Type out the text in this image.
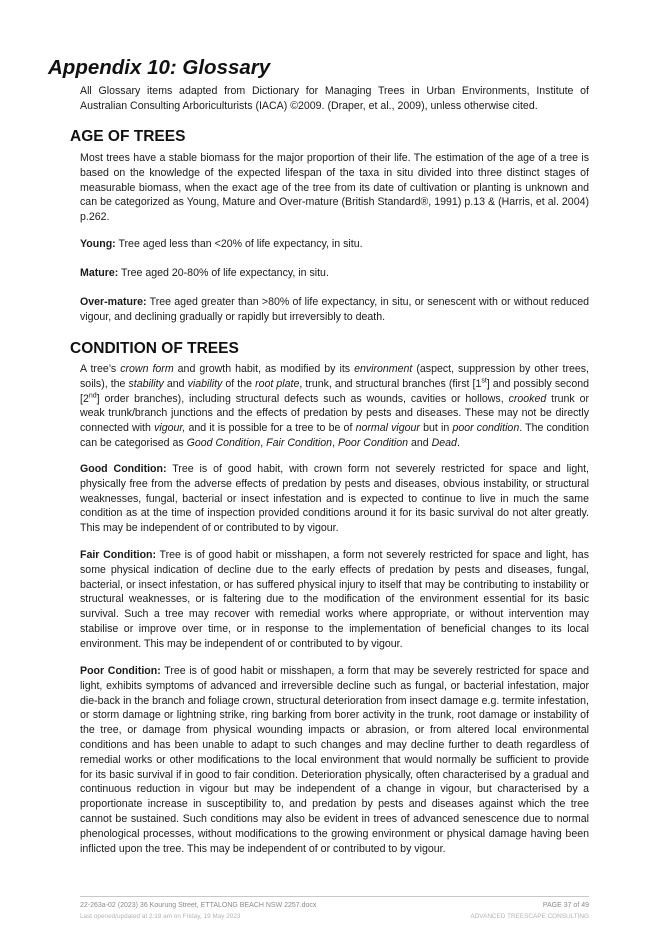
Appendix 10: Glossary

All Glossary items adapted from Dictionary for Managing Trees in Urban Environments, Institute of Australian Consulting Arboriculturists (IACA) ©2009. (Draper, et al., 2009), unless otherwise cited.

AGE OF TREES

Most trees have a stable biomass for the major proportion of their life. The estimation of the age of a tree is based on the knowledge of the expected lifespan of the taxa in situ divided into three distinct stages of measurable biomass, when the exact age of the tree from its date of cultivation or planting is unknown and can be categorized as Young, Mature and Over-mature (British Standard®, 1991) p.13 & (Harris, et al. 2004) p.262.

Young: Tree aged less than <20% of life expectancy, in situ.

Mature: Tree aged 20-80% of life expectancy, in situ.

Over-mature: Tree aged greater than >80% of life expectancy, in situ, or senescent with or without reduced vigour, and declining gradually or rapidly but irreversibly to death.

CONDITION OF TREES

A tree’s crown form and growth habit, as modified by its environment (aspect, suppression by other trees, soils), the stability and viability of the root plate, trunk, and structural branches (first [1st] and possibly second [2nd] order branches), including structural defects such as wounds, cavities or hollows, crooked trunk or weak trunk/branch junctions and the effects of predation by pests and diseases. These may not be directly connected with vigour, and it is possible for a tree to be of normal vigour but in poor condition. The condition can be categorised as Good Condition, Fair Condition, Poor Condition and Dead.

Good Condition: Tree is of good habit, with crown form not severely restricted for space and light, physically free from the adverse effects of predation by pests and diseases, obvious instability, or structural weaknesses, fungal, bacterial or insect infestation and is expected to continue to live in much the same condition as at the time of inspection provided conditions around it for its basic survival do not alter greatly. This may be independent of or contributed to by vigour.

Fair Condition: Tree is of good habit or misshapen, a form not severely restricted for space and light, has some physical indication of decline due to the early effects of predation by pests and diseases, fungal, bacterial, or insect infestation, or has suffered physical injury to itself that may be contributing to instability or structural weaknesses, or is faltering due to the modification of the environment essential for its basic survival. Such a tree may recover with remedial works where appropriate, or without intervention may stabilise or improve over time, or in response to the implementation of beneficial changes to its local environment. This may be independent of or contributed to by vigour.

Poor Condition: Tree is of good habit or misshapen, a form that may be severely restricted for space and light, exhibits symptoms of advanced and irreversible decline such as fungal, or bacterial infestation, major die-back in the branch and foliage crown, structural deterioration from insect damage e.g. termite infestation, or storm damage or lightning strike, ring barking from borer activity in the trunk, root damage or instability of the tree, or damage from physical wounding impacts or abrasion, or from altered local environmental conditions and has been unable to adapt to such changes and may decline further to death regardless of remedial works or other modifications to the local environment that would normally be sufficient to provide for its basic survival if in good to fair condition. Deterioration physically, often characterised by a gradual and continuous reduction in vigour but may be independent of a change in vigour, but characterised by a proportionate increase in susceptibility to, and predation by pests and diseases against which the tree cannot be sustained. Such conditions may also be evident in trees of advanced senescence due to normal phenological processes, without modifications to the growing environment or physical damage having been inflicted upon the tree. This may be independent of or contributed to by vigour.

22-263a-02 (2023) 36 Kourung Street, ETTALONG BEACH NSW 2257.docx	PAGE 37 of 49
Last opened/updated at 2:19 am on Friday, 19 May 2023	ADVANCED TREESCAPE CONSULTING
